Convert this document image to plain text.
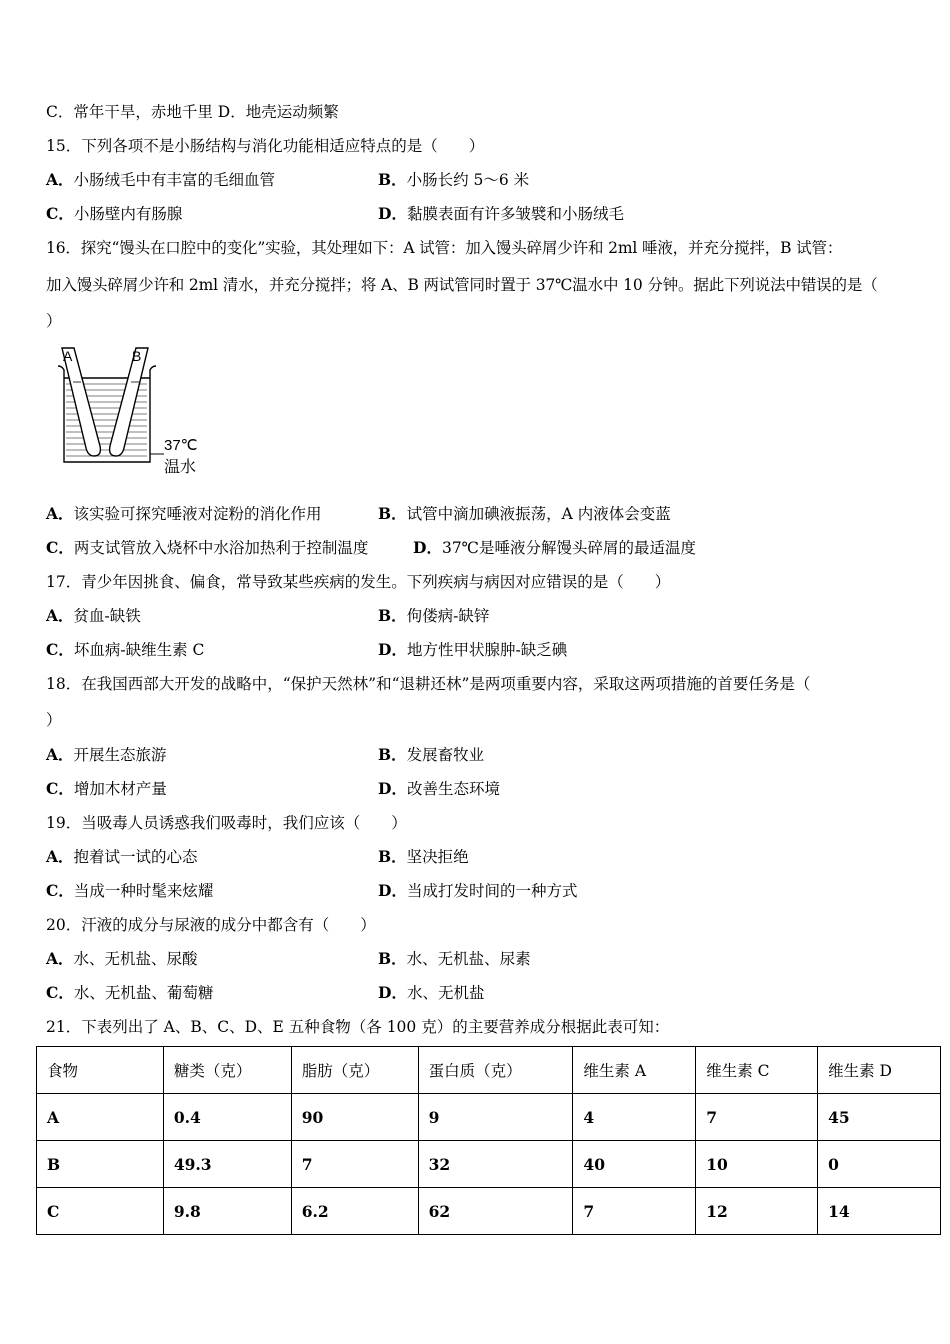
C．常年干旱，赤地千里 D．地壳运动频繁
15．下列各项不是小肠结构与消化功能相适应特点的是（　　）
A．小肠绒毛中有丰富的毛细血管	B．小肠长约 5～6 米
C．小肠壁内有肠腺	D．黏膜表面有许多皱襞和小肠绒毛
16．探究“馒头在口腔中的变化”实验，其处理如下：A 试管：加入馒头碎屑少许和 2ml 唾液，并充分搅拌，B 试管：
加入馒头碎屑少许和 2ml 清水，并充分搅拌；将 A、B 两试管同时置于 37℃温水中 10 分钟。据此下列说法中错误的是（
）
A	B
37℃
温水
A．该实验可探究唾液对淀粉的消化作用	B．试管中滴加碘液振荡，A 内液体会变蓝
C．两支试管放入烧杯中水浴加热利于控制温度	D．37℃是唾液分解馒头碎屑的最适温度
17．青少年因挑食、偏食，常导致某些疾病的发生。下列疾病与病因对应错误的是（　　）
A．贫血-缺铁	B．佝偻病-缺锌
C．坏血病-缺维生素 C	D．地方性甲状腺肿-缺乏碘
18．在我国西部大开发的战略中，“保护天然林”和“退耕还林”是两项重要内容，采取这两项措施的首要任务是（
）
A．开展生态旅游	B．发展畜牧业
C．增加木材产量	D．改善生态环境
19．当吸毒人员诱惑我们吸毒时，我们应该（　　）
A．抱着试一试的心态	B．坚决拒绝
C．当成一种时髦来炫耀	D．当成打发时间的一种方式
20．汗液的成分与尿液的成分中都含有（　　）
A．水、无机盐、尿酸	B．水、无机盐、尿素
C．水、无机盐、葡萄糖	D．水、无机盐
21．下表列出了 A、B、C、D、E 五种食物（各 100 克）的主要营养成分根据此表可知：
食物	糖类（克）	脂肪（克）	蛋白质（克）	维生素 A	维生素 C	维生素 D
A	0.4	90	9	4	7	45
B	49.3	7	32	40	10	0
C	9.8	6.2	62	7	12	14
